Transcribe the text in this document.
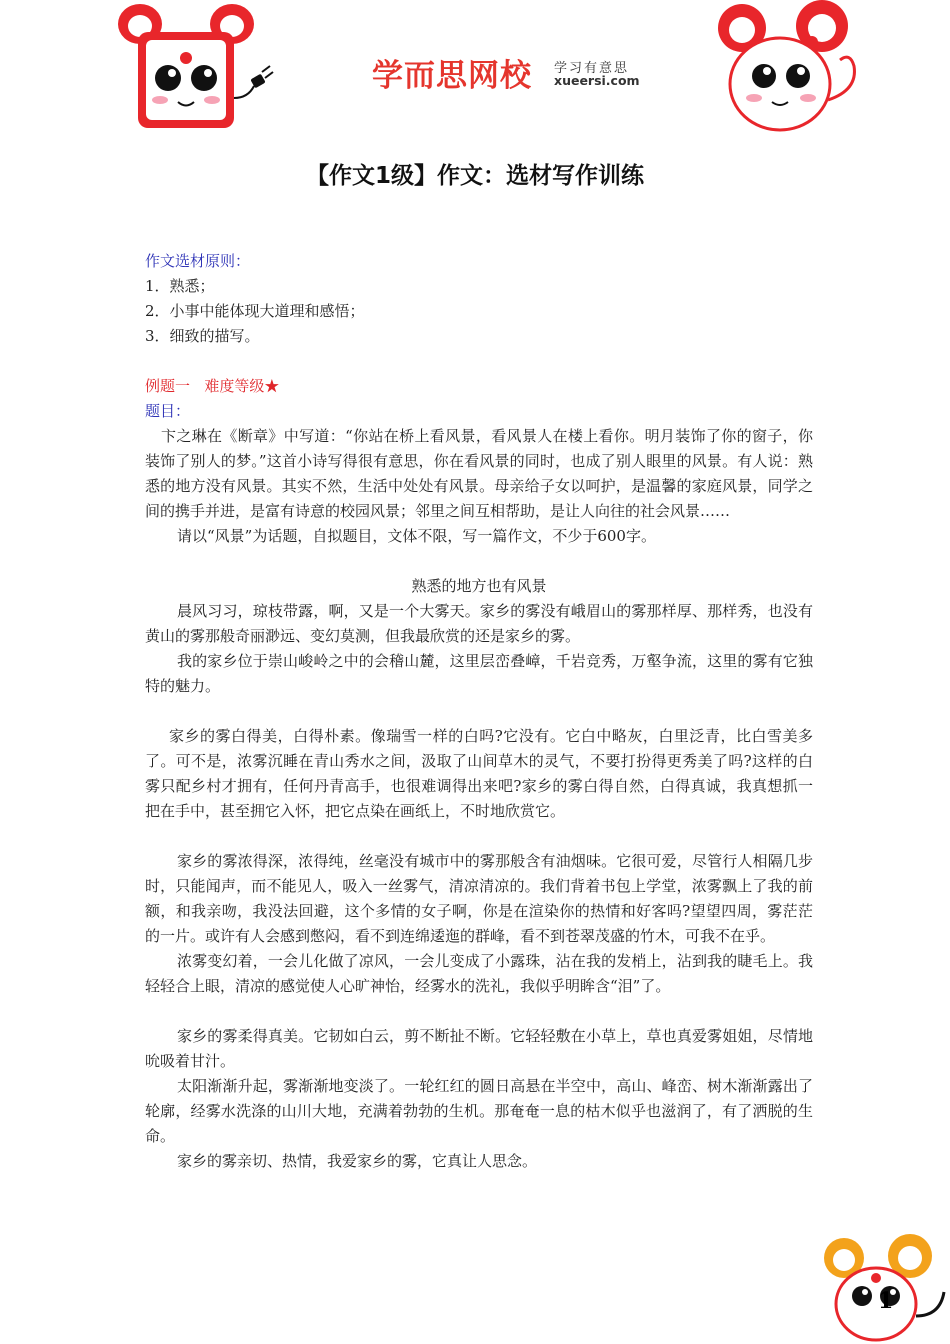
学而思网校 学习有意思
xueersi.com
【作文1级】作文：选材写作训练

作文选材原则：

1．熟悉；

2．小事中能体现大道理和感悟；

3．细致的描写。

例题一 难度等级★

题目：

卞之琳在《断章》中写道：“你站在桥上看风景，看风景人在楼上看你。明月装饰了你的窗子，你装饰了别人的梦。”这首小诗写得很有意思，你在看风景的同时，也成了别人眼里的风景。有人说：熟悉的地方没有风景。其实不然，生活中处处有风景。母亲给子女以呵护，是温馨的家庭风景，同学之间的携手并进，是富有诗意的校园风景；邻里之间互相帮助，是让人向往的社会风景……

请以“风景”为话题，自拟题目，文体不限，写一篇作文，不少于600字。

熟悉的地方也有风景

晨风习习，琼枝带露，啊，又是一个大雾天。家乡的雾没有峨眉山的雾那样厚、那样秀，也没有黄山的雾那般奇丽渺远、变幻莫测，但我最欣赏的还是家乡的雾。

我的家乡位于崇山峻岭之中的会稽山麓，这里层峦叠嶂，千岩竞秀，万壑争流，这里的雾有它独特的魅力。

家乡的雾白得美，白得朴素。像瑞雪一样的白吗?它没有。它白中略灰，白里泛青，比白雪美多了。可不是，浓雾沉睡在青山秀水之间，汲取了山间草木的灵气，不要打扮得更秀美了吗?这样的白雾只配乡村才拥有，任何丹青高手，也很难调得出来吧?家乡的雾白得自然，白得真诚，我真想抓一把在手中，甚至拥它入怀，把它点染在画纸上，不时地欣赏它。

家乡的雾浓得深，浓得纯，丝毫没有城市中的雾那般含有油烟味。它很可爱，尽管行人相隔几步时，只能闻声，而不能见人，吸入一丝雾气，清凉清凉的。我们背着书包上学堂，浓雾飘上了我的前额，和我亲吻，我没法回避，这个多情的女子啊，你是在渲染你的热情和好客吗?望望四周，雾茫茫的一片。或许有人会感到憋闷，看不到连绵逶迤的群峰，看不到苍翠茂盛的竹木，可我不在乎。

浓雾变幻着，一会儿化做了凉风，一会儿变成了小露珠，沾在我的发梢上，沾到我的睫毛上。我轻轻合上眼，清凉的感觉使人心旷神怡，经雾水的洗礼，我似乎明眸含“泪”了。

家乡的雾柔得真美。它韧如白云，剪不断扯不断。它轻轻敷在小草上，草也真爱雾姐姐，尽情地吮吸着甘汁。

太阳渐渐升起，雾渐渐地变淡了。一轮红红的圆日高悬在半空中，高山、峰峦、树木渐渐露出了轮廓，经雾水洗涤的山川大地，充满着勃勃的生机。那奄奄一息的枯木似乎也滋润了，有了洒脱的生命。

家乡的雾亲切、热情，我爱家乡的雾，它真让人思念。

1
